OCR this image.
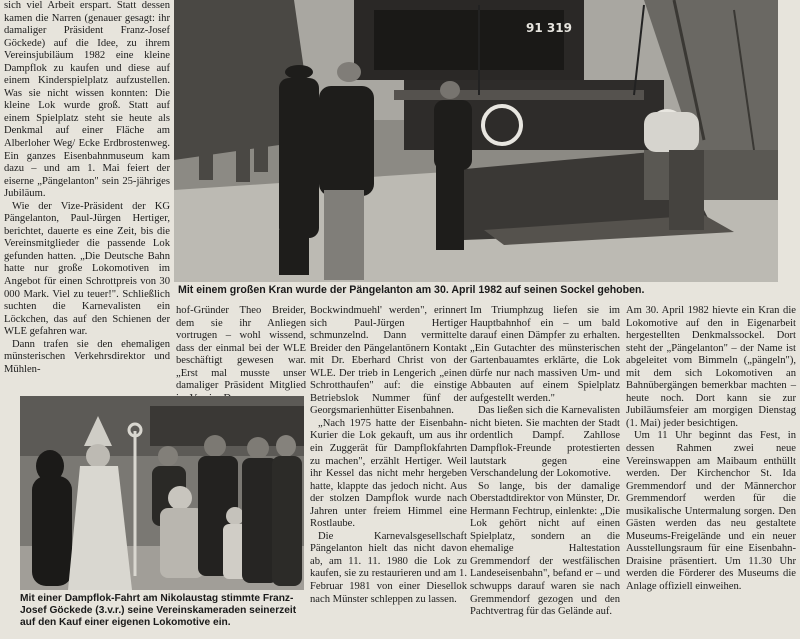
sich viel Arbeit erspart. Statt dessen kamen die Narren (genauer gesagt: ihr damaliger Präsident Franz-Josef Göckede) auf die Idee, zu ihrem Vereinsjubiläum 1982 eine kleine Dampflok zu kaufen und diese auf einem Kinderspielplatz aufzustellen. Was sie nicht wissen konnten: Die kleine Lok wurde groß. Statt auf einem Spielplatz steht sie heute als Denkmal auf einer Fläche am Alberloher Weg/ Ecke Erdbrostenweg. Ein ganzes Eisenbahnmuseum kam dazu – und am 1. Mai feiert der eiserne „Pängelanton" sein 25-jähriges Jubiläum.

Wie der Vize-Präsident der KG Pängelanton, Paul-Jürgen Hertiger, berichtet, dauerte es eine Zeit, bis die Vereinsmitglieder die passende Lok gefunden hatten. „Die Deutsche Bahn hatte nur große Lokomotiven im Angebot für einen Schrottpreis von 30 000 Mark. Viel zu teuer!". Schließlich suchten die Karnevalisten ein Löckchen, das auf den Schienen der WLE gefahren war.

Dann trafen sie den ehemaligen münsterischen Verkehrsdirektor und Mühlen-

91 319
Mit einem großen Kran wurde der Pängelanton am 30. April 1982 auf seinen Sockel gehoben.

hof-Gründer Theo Breider, dem sie ihr Anliegen vortrugen – wohl wissend, dass der einmal bei der WLE beschäftigt gewesen war. „Erst mal musste unser damaliger Präsident Mitglied

Bockwindmuehl' werden", erinnert sich Paul-Jürgen Hertiger schmunzelnd. Dann vermittelte Breider den Pängelantönern Kontakt mit Dr. Eberhard Christ von der WLE. Der trieb in Lengerich „einen Schrotthaufen" auf: die einstige Betriebslok Nummer fünf der Georgsmarienhütter Eisenbahnen.

„Nach 1975 hatte der Eisenbahn-Kurier die Lok gekauft, um aus ihr ein Zuggerät für Dampflokfahrten zu machen", erzählt Hertiger. Weil ihr Kessel das nicht mehr hergeben hatte, klappte das jedoch nicht. Aus der stolzen Dampflok wurde nach Jahren unter freiem Himmel eine Rostlaube.

Die Karnevalsgesellschaft Pängelanton hielt das nicht davon ab, am 11. 11. 1980 die Lok zu kaufen, sie zu restaurieren und am 1. Februar 1981 von einer Diesellok nach Münster schleppen zu lassen.

Im Triumphzug liefen sie im Hauptbahnhof ein – um bald darauf einen Dämpfer zu erhalten. „Ein Gutachter des münsterischen Gartenbauamtes erklärte, die Lok dürfe nur nach massiven Um- und Abbauten auf einem Spielplatz aufgestellt werden."

Das ließen sich die Karnevalisten nicht bieten. Sie machten der Stadt ordentlich Dampf. Zahllose Dampflok-Freunde protestierten lautstark gegen eine Verschandelung der Lokomotive.

So lange, bis der damalige Oberstadtdirektor von Münster, Dr. Hermann Fechtrup, einlenkte: „Die Lok gehört nicht auf einen Spielplatz, sondern an die ehemalige Haltestation Gremmendorf der westfälischen Landeseisenbahn", befand er – und schwupps darauf waren sie nach Gremmendorf gezogen und den Pachtvertrag für das Gelände auf.

Am 30. April 1982 hievte ein Kran die Lokomotive auf den in Eigenarbeit hergestellten Denkmalssockel. Dort steht der „Pängelanton" – der Name ist abgeleitet vom Bimmeln („pängeln"), mit dem sich Lokomotiven an Bahnübergängen bemerkbar machten – heute noch. Dort kann sie zur Jubiläumsfeier am morgigen Dienstag (1. Mai) jeder besichtigen.

Um 11 Uhr beginnt das Fest, in dessen Rahmen zwei neue Vereinswappen am Maibaum enthüllt werden. Der Kirchenchor St. Ida Gremmendorf und der Männerchor Gremmendorf werden für die musikalische Untermalung sorgen. Den Gästen werden das neu gestaltete Museums-Freigelände und ein neuer Ausstellungsraum für eine Eisenbahn-Draisine präsentiert. Um 11.30 Uhr werden die Förderer des Museums die Anlage offiziell einweihen.

Mit einer Dampflok-Fahrt am Nikolaustag stimmte Franz-Josef Göckede (3.v.r.) seine Vereinskameraden seinerzeit auf den Kauf einer eigenen Lokomotive ein.
